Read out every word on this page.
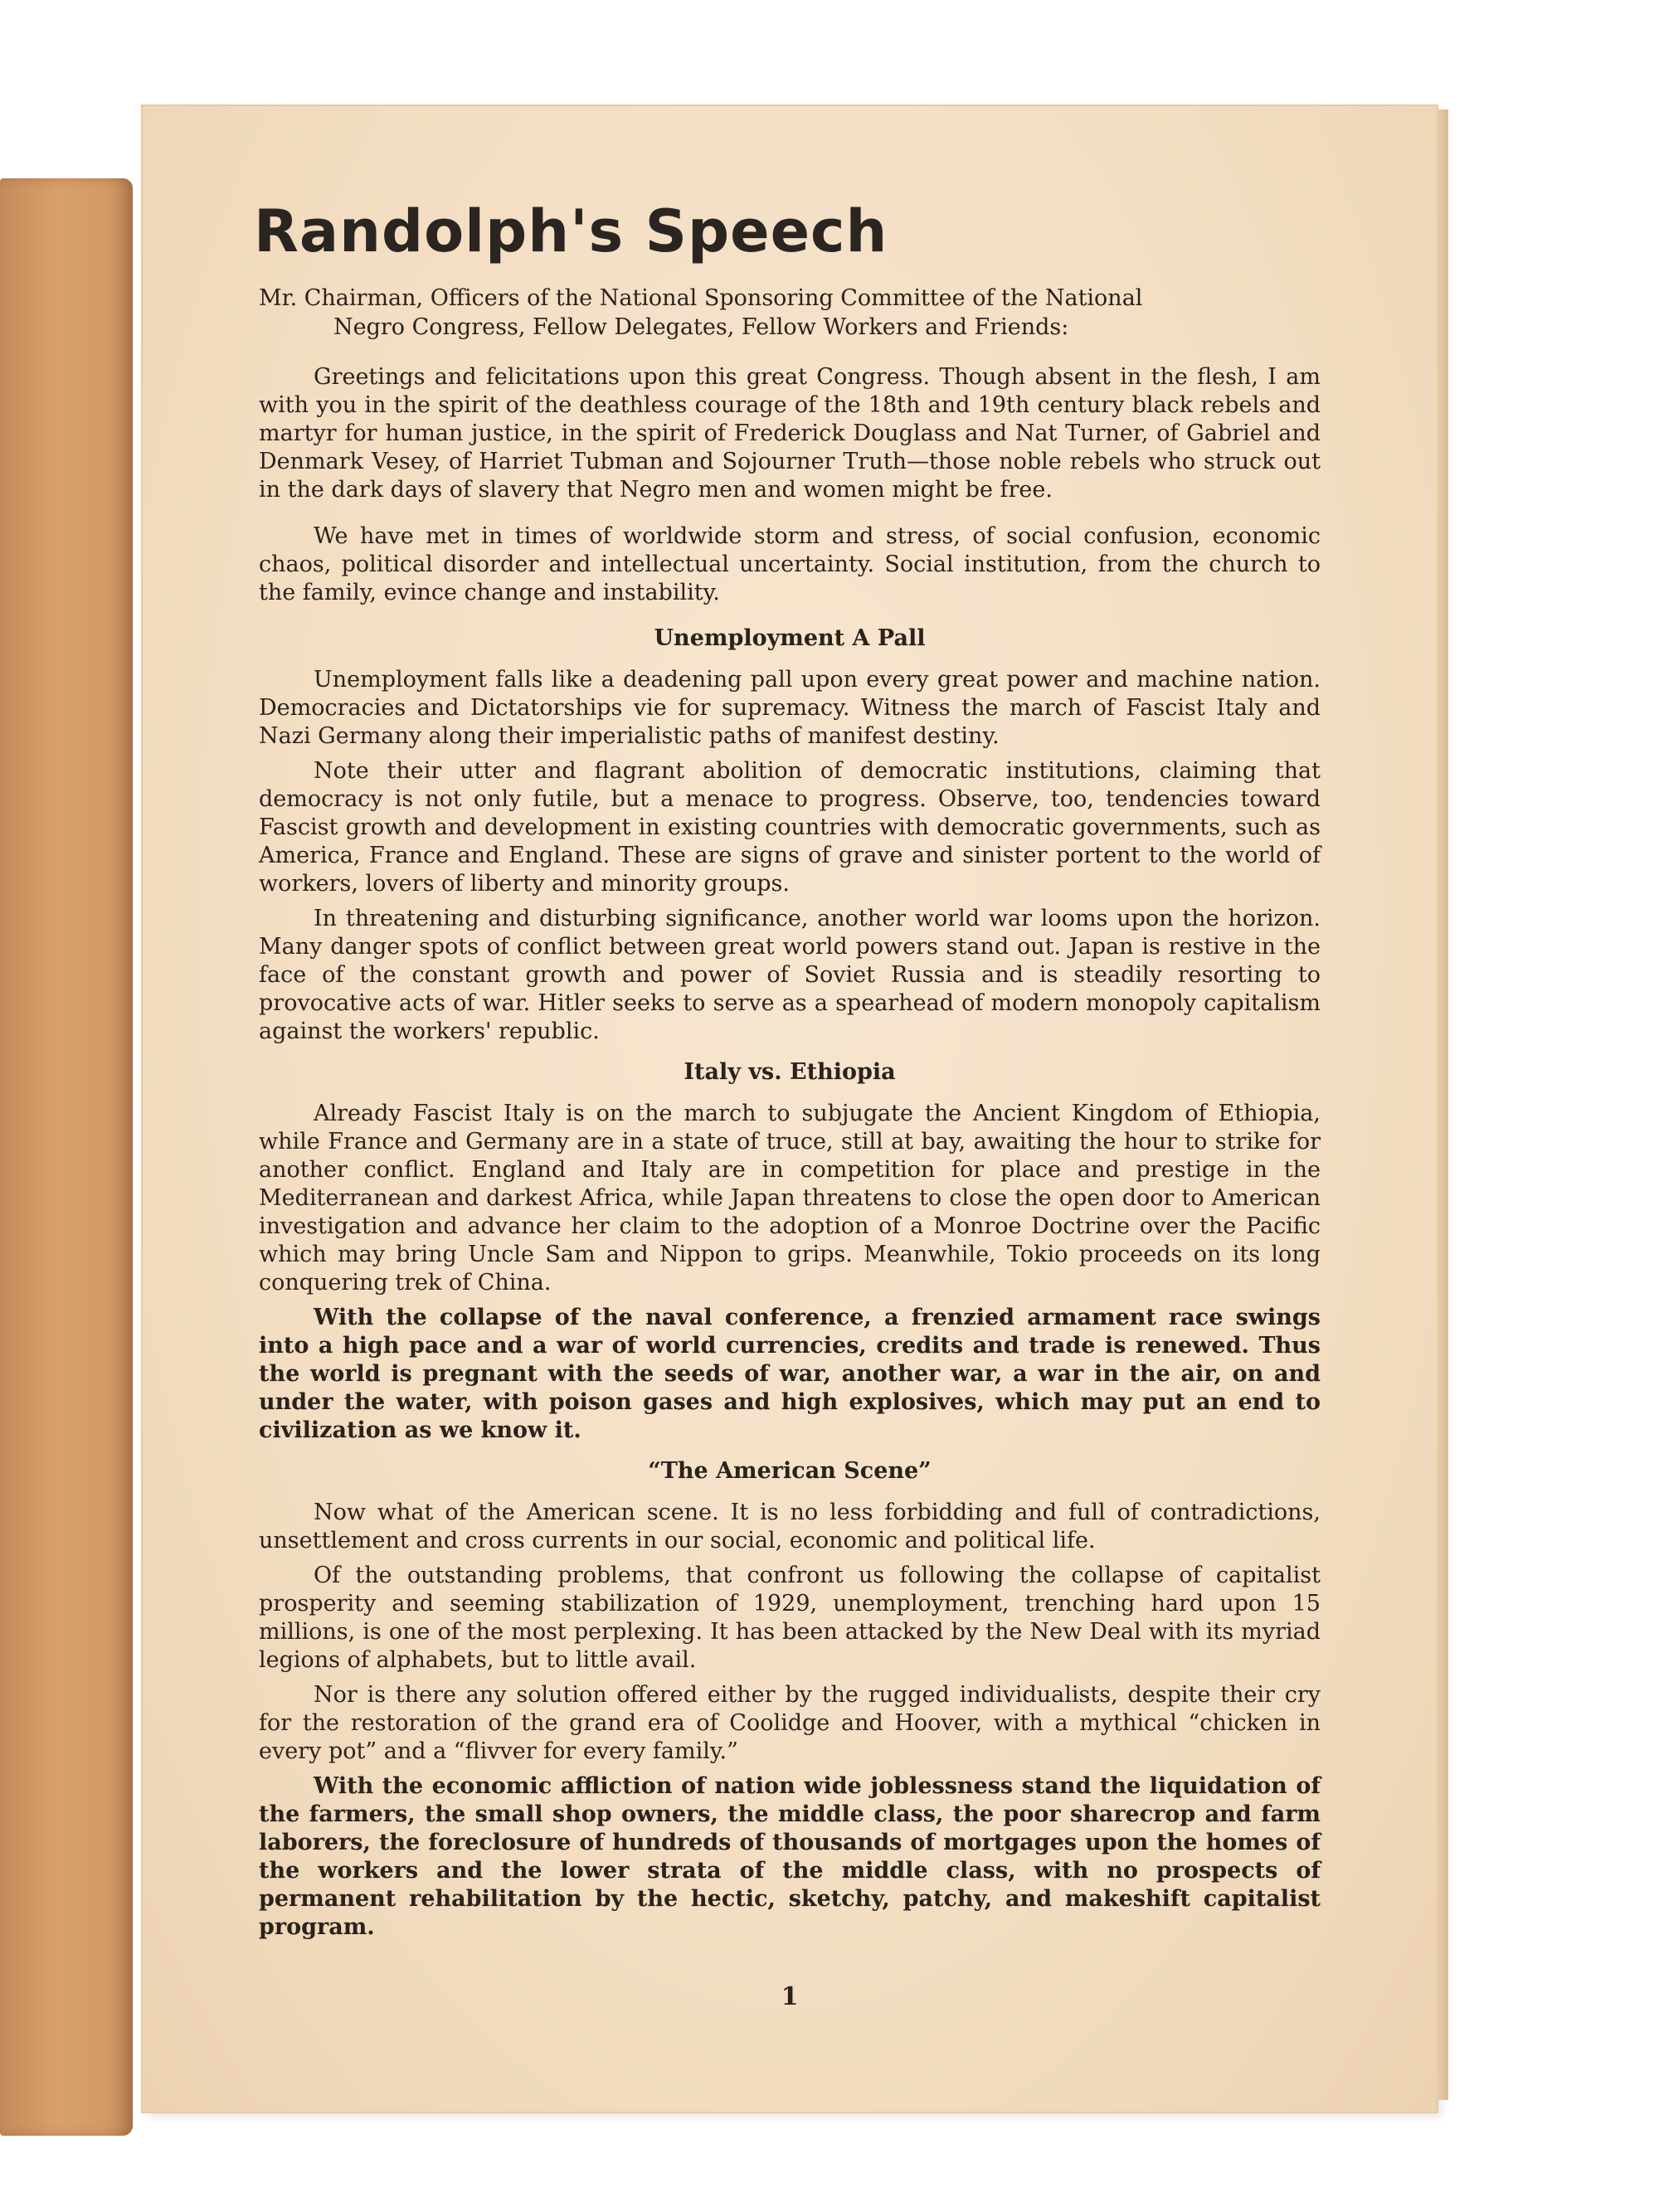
Randolph's Speech
Mr. Chairman, Officers of the National Sponsoring Committee of the National
Negro Congress, Fellow Delegates, Fellow Workers and Friends:

Greetings and felicitations upon this great Congress. Though absent in the flesh, I am with you in the spirit of the deathless courage of the 18th and 19th century black rebels and martyr for human justice, in the spirit of Frederick Douglass and Nat Turner, of Gabriel and Denmark Vesey, of Harriet Tubman and Sojourner Truth—those noble rebels who struck out in the dark days of slavery that Negro men and women might be free.

We have met in times of worldwide storm and stress, of social confusion, economic chaos, political disorder and intellectual uncertainty. Social institution, from the church to the family, evince change and instability.

Unemployment A Pall

Unemployment falls like a deadening pall upon every great power and machine nation. Democracies and Dictatorships vie for supremacy. Witness the march of Fascist Italy and Nazi Germany along their imperialistic paths of manifest destiny.

Note their utter and flagrant abolition of democratic institutions, claiming that democracy is not only futile, but a menace to progress. Observe, too, tendencies toward Fascist growth and development in existing countries with democratic governments, such as America, France and England. These are signs of grave and sinister portent to the world of workers, lovers of liberty and minority groups.

In threatening and disturbing significance, another world war looms upon the horizon. Many danger spots of conflict between great world powers stand out. Japan is restive in the face of the constant growth and power of Soviet Russia and is steadily resorting to provocative acts of war. Hitler seeks to serve as a spearhead of modern monopoly capitalism against the workers' republic.

Italy vs. Ethiopia

Already Fascist Italy is on the march to subjugate the Ancient Kingdom of Ethiopia, while France and Germany are in a state of truce, still at bay, awaiting the hour to strike for another conflict. England and Italy are in competition for place and prestige in the Mediterranean and darkest Africa, while Japan threatens to close the open door to American investigation and advance her claim to the adoption of a Monroe Doctrine over the Pacific which may bring Uncle Sam and Nippon to grips. Meanwhile, Tokio proceeds on its long conquering trek of China.

With the collapse of the naval conference, a frenzied armament race swings into a high pace and a war of world currencies, credits and trade is renewed. Thus the world is pregnant with the seeds of war, another war, a war in the air, on and under the water, with poison gases and high explosives, which may put an end to civilization as we know it.

“The American Scene”

Now what of the American scene. It is no less forbidding and full of contradictions, unsettlement and cross currents in our social, economic and political life.

Of the outstanding problems, that confront us following the collapse of capitalist prosperity and seeming stabilization of 1929, unemployment, trenching hard upon 15 millions, is one of the most perplexing. It has been attacked by the New Deal with its myriad legions of alphabets, but to little avail.

Nor is there any solution offered either by the rugged individualists, despite their cry for the restoration of the grand era of Coolidge and Hoover, with a mythical “chicken in every pot” and a “flivver for every family.”

With the economic affliction of nation wide joblessness stand the liquidation of the farmers, the small shop owners, the middle class, the poor sharecrop and farm laborers, the foreclosure of hundreds of thousands of mortgages upon the homes of the workers and the lower strata of the middle class, with no prospects of permanent rehabilitation by the hectic, sketchy, patchy, and makeshift capitalist program.

1
